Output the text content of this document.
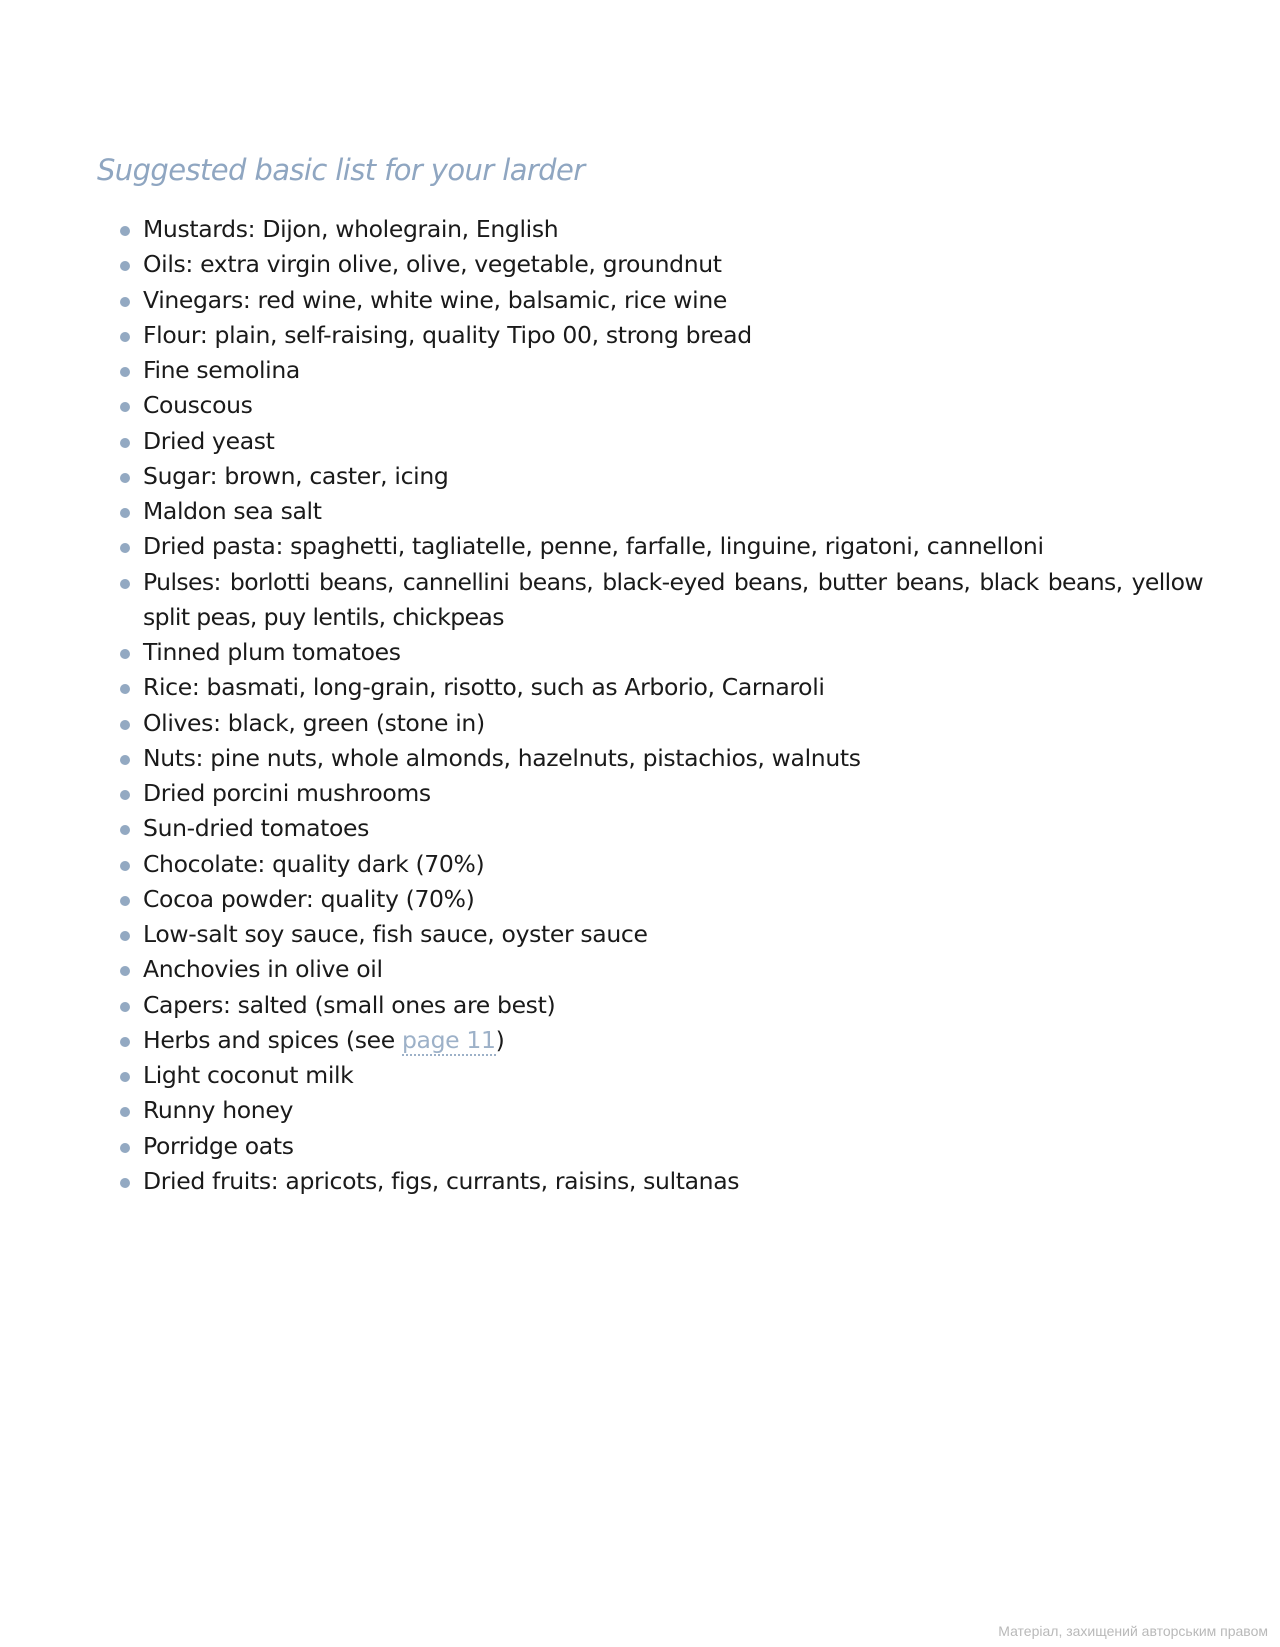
Suggested basic list for your larder
Mustards: Dijon, wholegrain, English
Oils: extra virgin olive, olive, vegetable, groundnut
Vinegars: red wine, white wine, balsamic, rice wine
Flour: plain, self-raising, quality Tipo 00, strong bread
Fine semolina
Couscous
Dried yeast
Sugar: brown, caster, icing
Maldon sea salt
Dried pasta: spaghetti, tagliatelle, penne, farfalle, linguine, rigatoni, cannelloni
Pulses: borlotti beans, cannellini beans, black-eyed beans, butter beans, black beans, yellow split peas, puy lentils, chickpeas
Tinned plum tomatoes
Rice: basmati, long-grain, risotto, such as Arborio, Carnaroli
Olives: black, green (stone in)
Nuts: pine nuts, whole almonds, hazelnuts, pistachios, walnuts
Dried porcini mushrooms
Sun-dried tomatoes
Chocolate: quality dark (70%)
Cocoa powder: quality (70%)
Low-salt soy sauce, fish sauce, oyster sauce
Anchovies in olive oil
Capers: salted (small ones are best)
Herbs and spices (see page 11)
Light coconut milk
Runny honey
Porridge oats
Dried fruits: apricots, figs, currants, raisins, sultanas
Матеріал, захищений авторським правом
